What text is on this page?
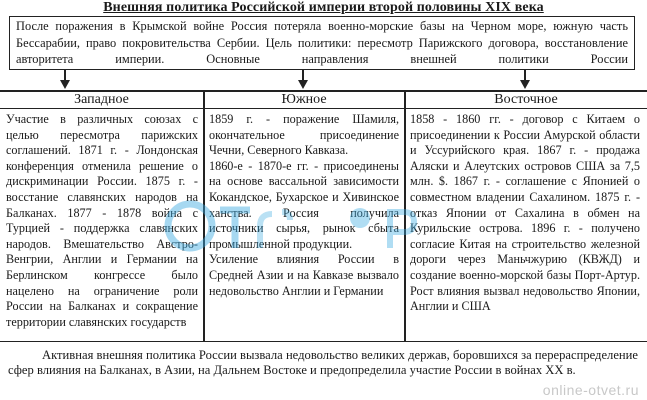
Внешняя политика Российской империи второй половины XIX века
После поражения в Крымской войне Россия потеряла военно-морские базы на Черном море, южную часть Бессарабии, право покровительства Сербии. Цель политики: пересмотр Парижского договора, восстановление авторитета империи. Основные направления внешней политики России
Западное	Южное	Восточное

Участие в различных союзах с целью пересмотра парижских соглашений. 1871 г. - Лондонская конференция отменила решение о дискриминации России. 1875 г. - восстание славянских народов на Балканах. 1877 - 1878 война с Турцией - поддержка славянских народов. Вмешательство Австро-Венгрии, Англии и Германии на Берлинском конгрессе было нацелено на ограничение роли России на Балканах и сокращение территории славянских государств

1859 г. - поражение Шамиля, окончательное присоединение Чечни, Северного Кавказа.

1860-е - 1870-е гг. - присоединены на основе вассальной зависимости Кокандское, Бухарское и Хивинское ханства. Россия получила источники сырья, рынок сбыта промышленной продукции.

Усиление влияния России в Средней Азии и на Кавказе вызвало недовольство Англии и Германии

1858 - 1860 гг. - договор с Китаем о присоединении к России Амурской области и Уссурийского края. 1867 г. - продажа Аляски и Алеутских островов США за 7,5 млн. $. 1867 г. - соглашение с Японией о совместном владении Сахалином. 1875 г. - отказ Японии от Сахалина в обмен на Курильские острова. 1896 г. - получено согласие Китая на строительство железной дороги через Маньчжурию (КВЖД) и создание военно-морской базы Порт-Артур. Рост влияния вызвал недовольство Японии, Англии и США

Активная внешняя политика России вызвала недовольство великих держав, боровшихся за перераспределение сфер влияния на Балканах, в Азии, на Дальнем Востоке и предопределила участие России в войнах XX в.
online-otvet.ru
